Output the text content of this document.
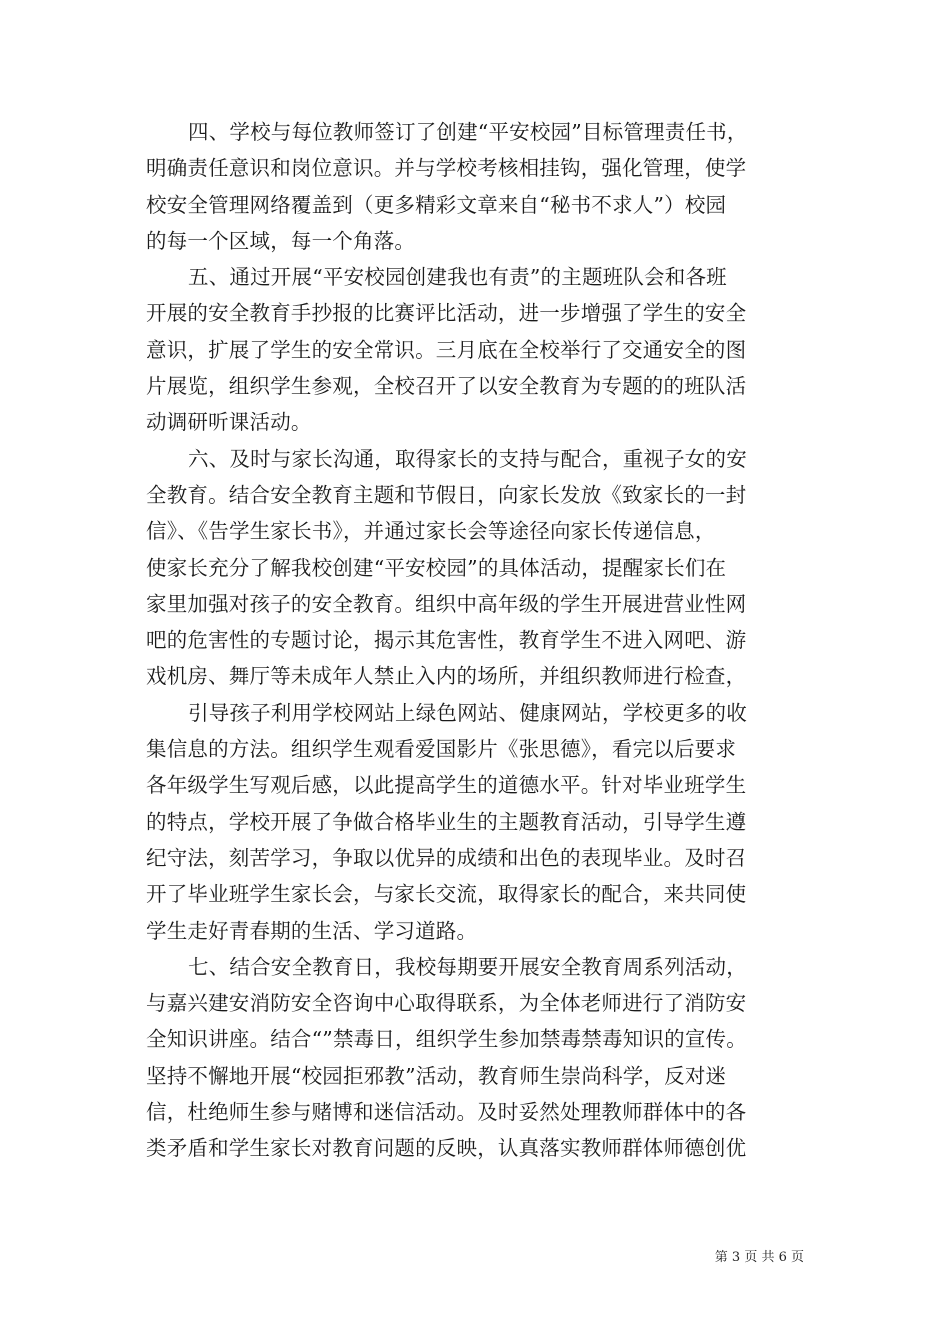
四、学校与每位教师签订了创建“平安校园”目标管理责任书，
明确责任意识和岗位意识。并与学校考核相挂钩，强化管理，使学
校安全管理网络覆盖到（更多精彩文章来自“秘书不求人”）校园
的每一个区域，每一个角落。
五、通过开展“平安校园创建我也有责”的主题班队会和各班
开展的安全教育手抄报的比赛评比活动，进一步增强了学生的安全
意识，扩展了学生的安全常识。三月底在全校举行了交通安全的图
片展览，组织学生参观，全校召开了以安全教育为专题的的班队活
动调研听课活动。
六、及时与家长沟通，取得家长的支持与配合，重视子女的安
全教育。结合安全教育主题和节假日，向家长发放《致家长的一封
信》、《告学生家长书》，并通过家长会等途径向家长传递信息，
使家长充分了解我校创建“平安校园”的具体活动，提醒家长们在
家里加强对孩子的安全教育。组织中高年级的学生开展进营业性网
吧的危害性的专题讨论，揭示其危害性，教育学生不进入网吧、游
戏机房、舞厅等未成年人禁止入内的场所，并组织教师进行检查，
引导孩子利用学校网站上绿色网站、健康网站，学校更多的收
集信息的方法。组织学生观看爱国影片《张思德》，看完以后要求
各年级学生写观后感，以此提高学生的道德水平。针对毕业班学生
的特点，学校开展了争做合格毕业生的主题教育活动，引导学生遵
纪守法，刻苦学习，争取以优异的成绩和出色的表现毕业。及时召
开了毕业班学生家长会，与家长交流，取得家长的配合，来共同使
学生走好青春期的生活、学习道路。
七、结合安全教育日，我校每期要开展安全教育周系列活动，
与嘉兴建安消防安全咨询中心取得联系，为全体老师进行了消防安
全知识讲座。结合“”禁毒日，组织学生参加禁毒禁毒知识的宣传。
坚持不懈地开展“校园拒邪教”活动，教育师生崇尚科学，反对迷
信，杜绝师生参与赌博和迷信活动。及时妥然处理教师群体中的各
类矛盾和学生家长对教育问题的反映，认真落实教师群体师德创优
第 3 页 共 6 页
